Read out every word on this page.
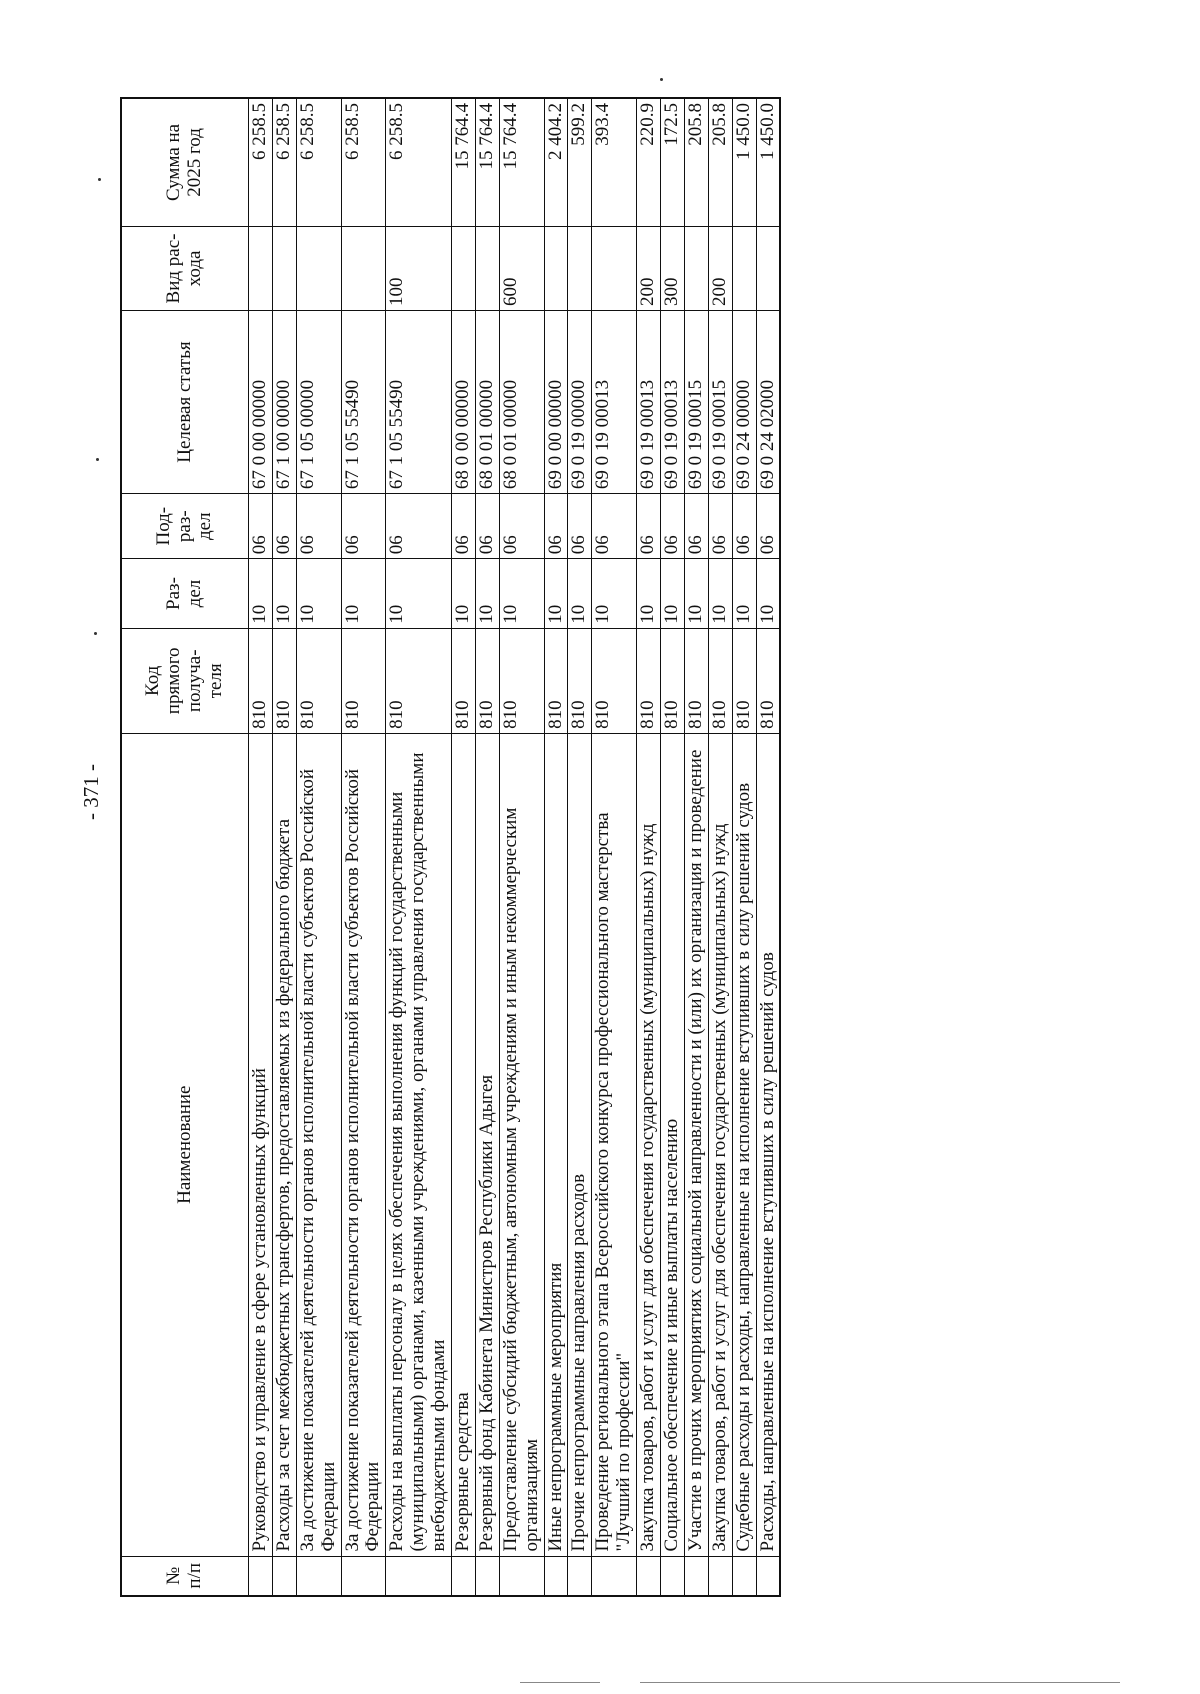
- 371 -
№ п/п	Наименование	Код прямого получа- теля	Раз- дел	Под- раз- дел	Целевая статья	Вид рас- хода	Сумма на 2025 год
	Руководство и управление в сфере установленных функций	810	10	06	67 0 00 00000		6 258.5
	Расходы за счет межбюджетных трансфертов, предоставляемых из федерального бюджета	810	10	06	67 1 00 00000		6 258.5
	За достижение показателей деятельности органов исполнительной власти субъектов Российской Федерации	810	10	06	67 1 05 00000		6 258.5
	За достижение показателей деятельности органов исполнительной власти субъектов Российской Федерации	810	10	06	67 1 05 55490		6 258.5
	Расходы на выплаты персоналу в целях обеспечения выполнения функций государственными (муниципальными) органами, казенными учреждениями, органами управления государственными внебюджетными фондами	810	10	06	67 1 05 55490	100	6 258.5
	Резервные средства	810	10	06	68 0 00 00000		15 764.4
	Резервный фонд Кабинета Министров Республики Адыгея	810	10	06	68 0 01 00000		15 764.4
	Предоставление субсидий бюджетным, автономным учреждениям и иным некоммерческим организациям	810	10	06	68 0 01 00000	600	15 764.4
	Иные непрограммные мероприятия	810	10	06	69 0 00 00000		2 404.2
	Прочие непрограммные направления расходов	810	10	06	69 0 19 00000		599.2
	Проведение регионального этапа Всероссийского конкурса профессионального мастерства "Лучший по профессии"	810	10	06	69 0 19 00013		393.4
	Закупка товаров, работ и услуг для обеспечения государственных (муниципальных) нужд	810	10	06	69 0 19 00013	200	220.9
	Социальное обеспечение и иные выплаты населению	810	10	06	69 0 19 00013	300	172.5
	Участие в прочих мероприятиях социальной направленности и (или) их организация и проведение	810	10	06	69 0 19 00015		205.8
	Закупка товаров, работ и услуг для обеспечения государственных (муниципальных) нужд	810	10	06	69 0 19 00015	200	205.8
	Судебные расходы и расходы, направленные на исполнение вступивших в силу решений судов	810	10	06	69 0 24 00000		1 450.0
	Расходы, направленные на исполнение вступивших в силу решений судов	810	10	06	69 0 24 02000		1 450.0
